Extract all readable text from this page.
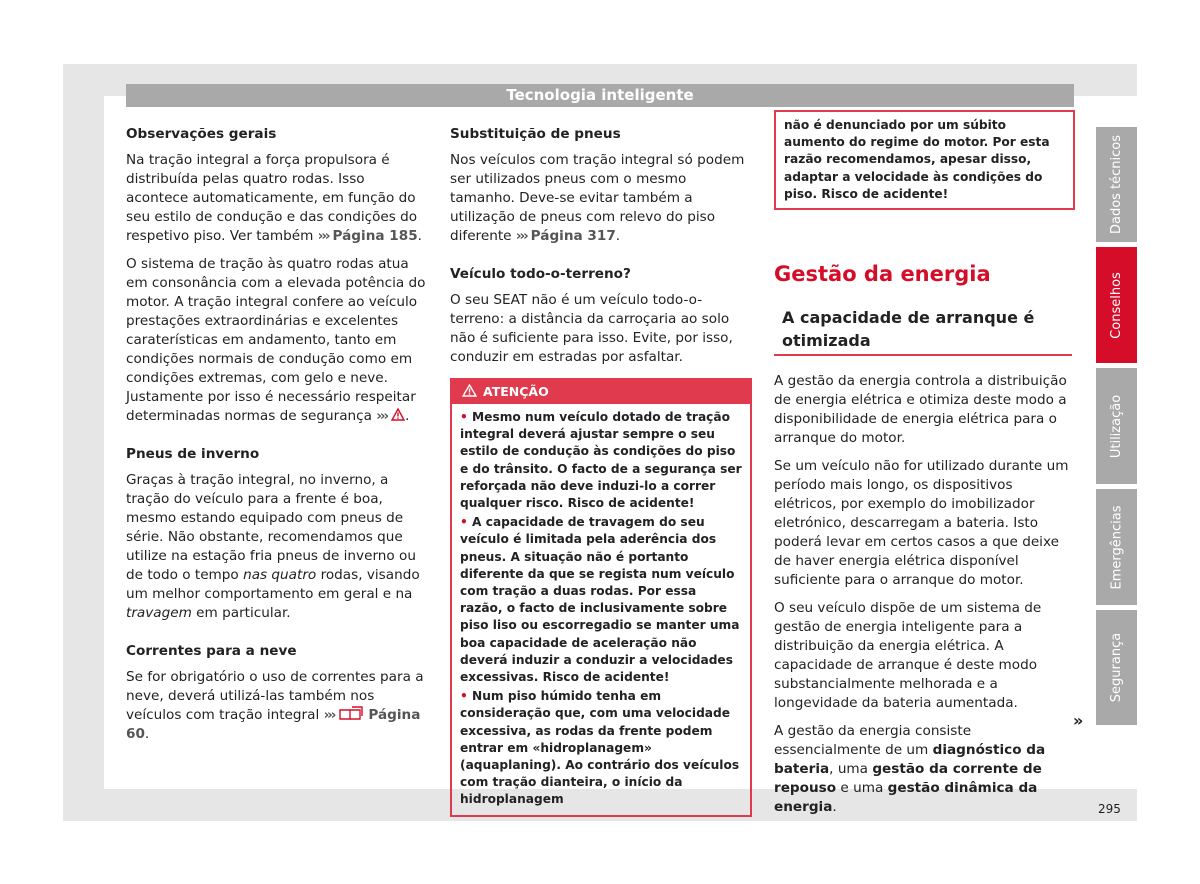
Tecnologia inteligente
Observações gerais

Na tração integral a força propulsora é distribuída pelas quatro rodas. Isso acontece automaticamente, em função do seu estilo de condução e das condições do respetivo piso. Ver também ››› Página 185.

O sistema de tração às quatro rodas atua em consonância com a elevada potência do motor. A tração integral confere ao veículo prestações extraordinárias e excelentes caraterísticas em andamento, tanto em condições normais de condução como em condições extremas, com gelo e neve. Justamente por isso é necessário respeitar determinadas normas de segurança ››› .

Pneus de inverno

Graças à tração integral, no inverno, a tração do veículo para a frente é boa, mesmo estando equipado com pneus de série. Não obstante, recomendamos que utilize na estação fria pneus de inverno ou de todo o tempo nas quatro rodas, visando um melhor comportamento em geral e na travagem em particular.

Correntes para a neve

Se for obrigatório o uso de correntes para a neve, deverá utilizá-las também nos veículos com tração integral ›››	Página 60.

Substituição de pneus

Nos veículos com tração integral só podem ser utilizados pneus com o mesmo tamanho. Deve-se evitar também a utilização de pneus com relevo do piso diferente ››› Página 317.

Veículo todo-o-terreno?

O seu SEAT não é um veículo todo-o-terreno: a distância da carroçaria ao solo não é suficiente para isso. Evite, por isso, conduzir em estradas por asfaltar.

ATENÇÃO
• Mesmo num veículo dotado de tração integral deverá ajustar sempre o seu estilo de condução às condições do piso e do trânsito. O facto de a segurança ser reforçada não deve induzi-lo a correr qualquer risco. Risco de acidente!
• A capacidade de travagem do seu veículo é limitada pela aderência dos pneus. A situação não é portanto diferente da que se regista num veículo com tração a duas rodas. Por essa razão, o facto de inclusivamente sobre piso liso ou escorregadio se manter uma boa capacidade de aceleração não deverá induzir a conduzir a velocidades excessivas. Risco de acidente!
• Num piso húmido tenha em consideração que, com uma velocidade excessiva, as rodas da frente podem entrar em «hidroplanagem» (aquaplaning). Ao contrário dos veículos com tração dianteira, o início da hidroplanagem
não é denunciado por um súbito aumento do regime do motor. Por esta razão recomendamos, apesar disso, adaptar a velocidade às condições do piso. Risco de acidente!
Gestão da energia
A capacidade de arranque é otimizada

A gestão da energia controla a distribuição de energia elétrica e otimiza deste modo a disponibilidade de energia elétrica para o arranque do motor.

Se um veículo não for utilizado durante um período mais longo, os dispositivos elétricos, por exemplo do imobilizador eletrónico, descarregam a bateria. Isto poderá levar em certos casos a que deixe de haver energia elétrica disponível suficiente para o arranque do motor.

O seu veículo dispõe de um sistema de gestão de energia inteligente para a distribuição da energia elétrica. A capacidade de arranque é deste modo substancialmente melhorada e a longevidade da bateria aumentada.

A gestão da energia consiste essencialmente de um diagnóstico da bateria, uma gestão da corrente de repouso e uma gestão dinâmica da energia.

»
Dados técnicos
Conselhos
Utilização
Emergências
Segurança
295
